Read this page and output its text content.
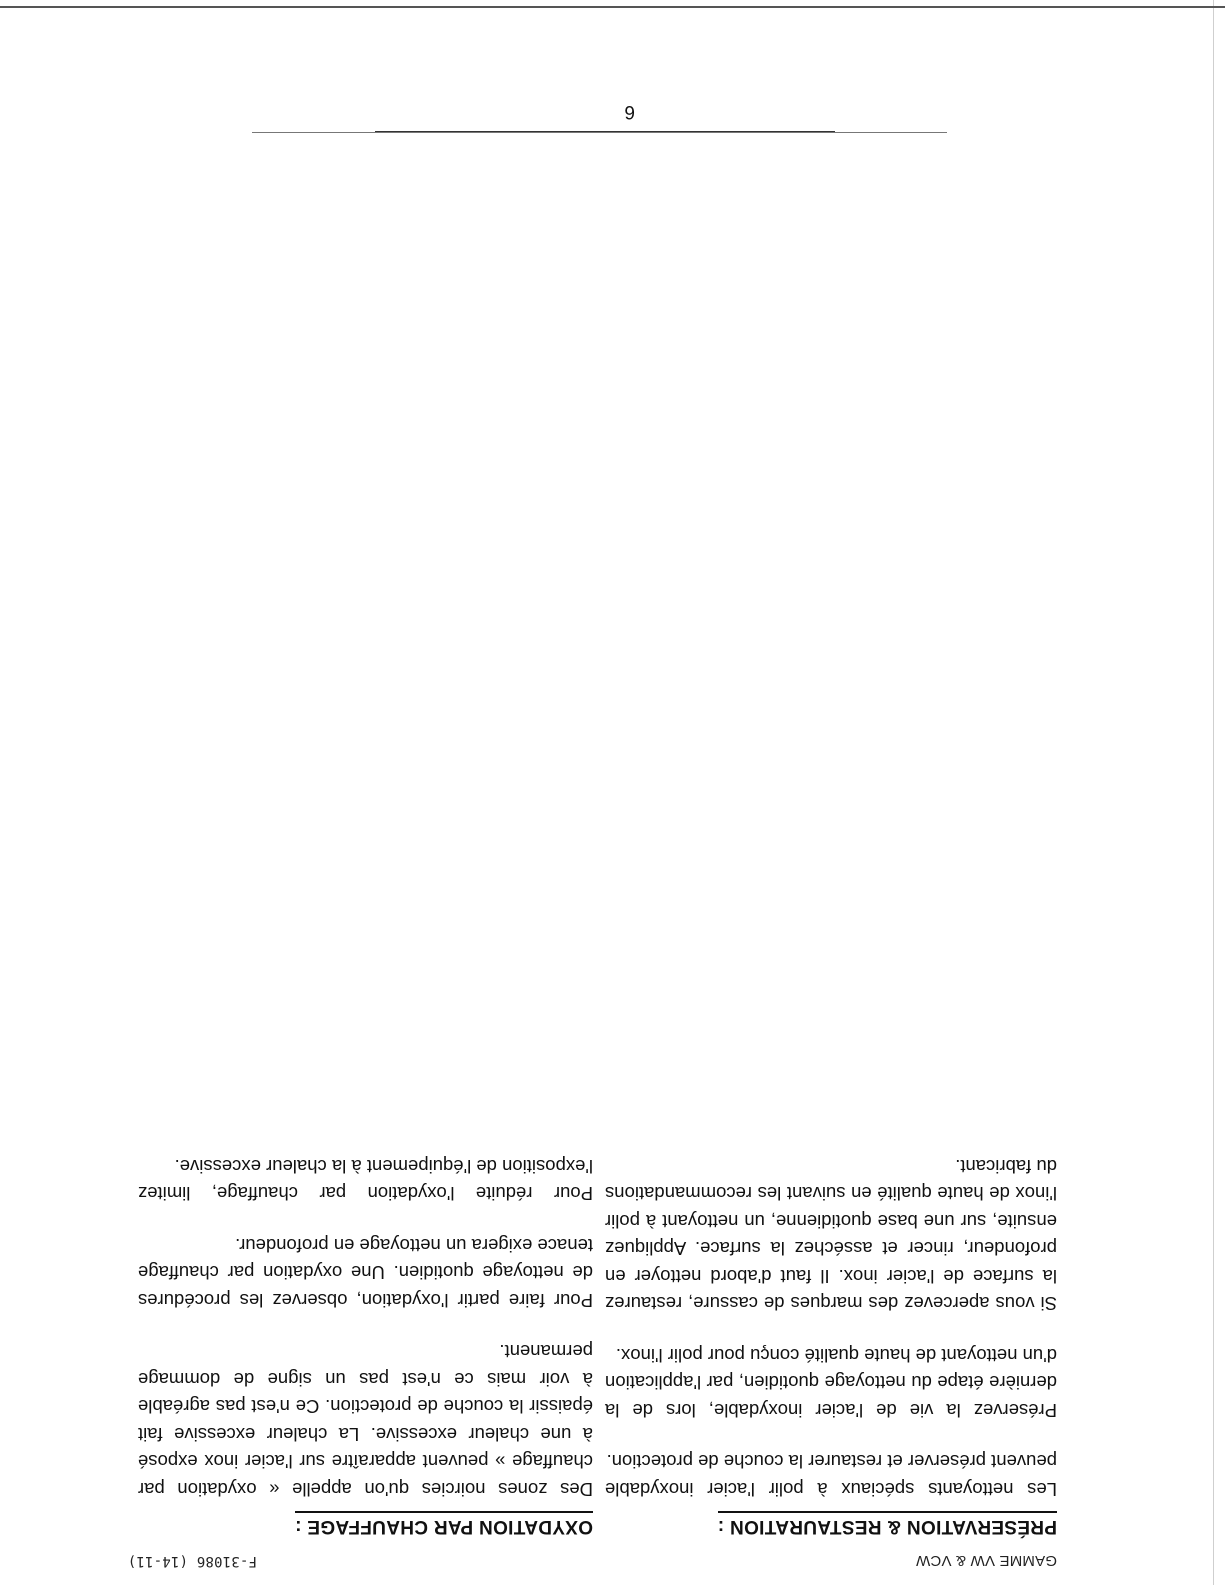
GAMME VW & VCW
F-31086 (14-11)
PRÉSERVATION & RESTAURATION :

Les nettoyants spéciaux à polir l'acier inoxydable peuvent préserver et restaurer la couche de protection.

Préservez la vie de l'acier inoxydable, lors de la dernière étape du nettoyage quotidien, par l'application d'un nettoyant de haute qualité conçu pour polir l'inox.

Si vous apercevez des marques de cassure, restaurez la surface de l'acier inox. Il faut d'abord nettoyer en profondeur, rincer et asséchez la surface. Appliquez ensuite, sur une base quotidienne, un nettoyant à polir l'inox de haute qualité en suivant les recommandations du fabricant.

OXYDATION PAR CHAUFFAGE :

Des zones noircies qu'on appelle « oxydation par chauffage » peuvent apparaître sur l'acier inox exposé à une chaleur excessive. La chaleur excessive fait épaissir la couche de protection. Ce n'est pas agréable à voir mais ce n'est pas un signe de dommage permanent.

Pour faire partir l'oxydation, observez les procédures de nettoyage quotidien. Une oxydation par chauffage tenace exigera un nettoyage en profondeur.

Pour réduite l'oxydation par chauffage, limitez l'exposition de l'équipement à la chaleur excessive.

6
